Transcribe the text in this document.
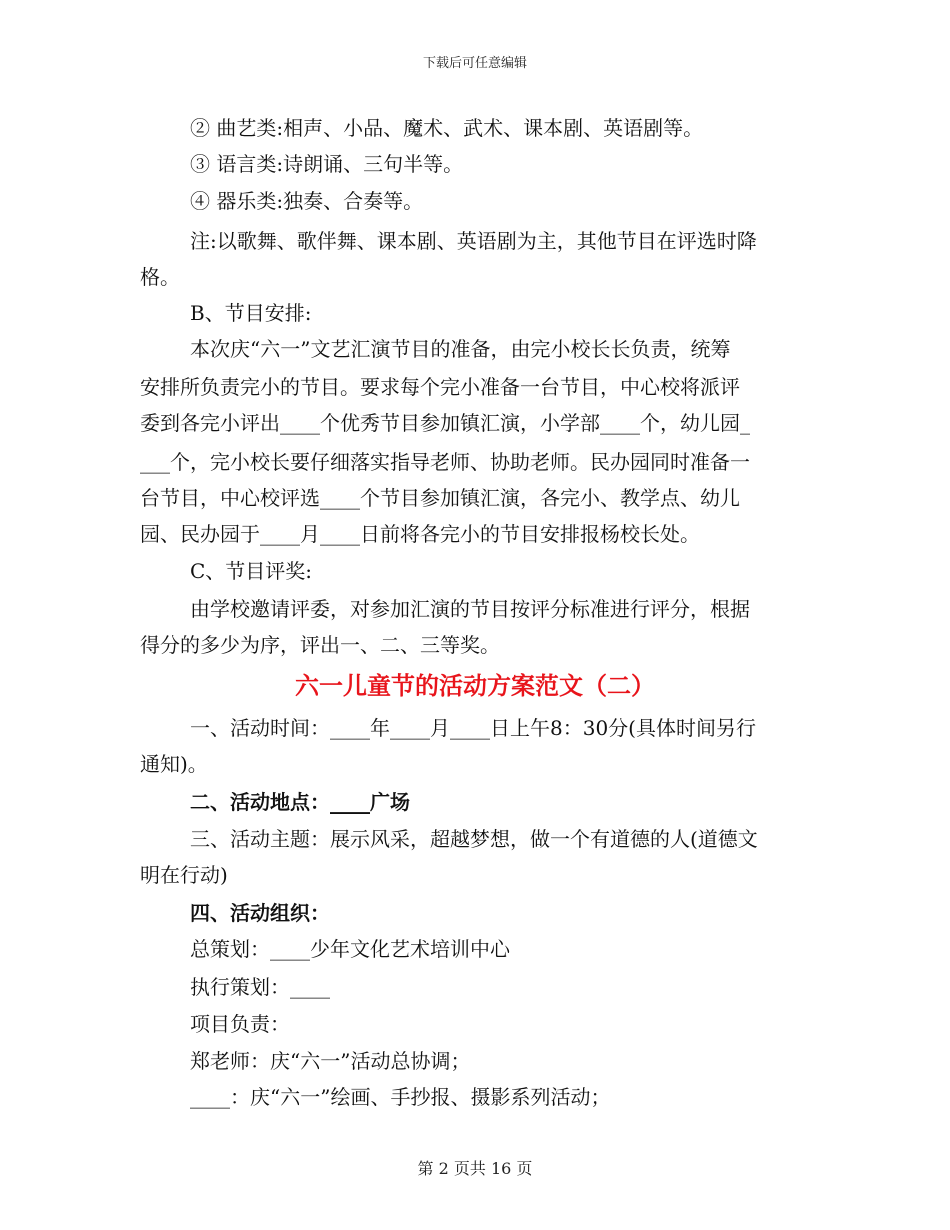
下载后可任意编辑
② 曲艺类:相声、小品、魔术、武术、课本剧、英语剧等。
③ 语言类:诗朗诵、三句半等。
④ 器乐类:独奏、合奏等。
注:以歌舞、歌伴舞、课本剧、英语剧为主，其他节目在评选时降
格。
B、节目安排:
本次庆“六一”文艺汇演节目的准备，由完小校长长负责，统筹
安排所负责完小的节目。要求每个完小准备一台节目，中心校将派评
委到各完小评出____个优秀节目参加镇汇演，小学部____个，幼儿园_
___个，完小校长要仔细落实指导老师、协助老师。民办园同时准备一
台节目，中心校评选____个节目参加镇汇演，各完小、教学点、幼儿
园、民办园于____月____日前将各完小的节目安排报杨校长处。
C、节目评奖:
由学校邀请评委，对参加汇演的节目按评分标准进行评分，根据
得分的多少为序，评出一、二、三等奖。
六一儿童节的活动方案范文（二）
一、活动时间：____年____月____日上午8：30分(具体时间另行
通知)。
二、活动地点：____广场
三、活动主题：展示风采，超越梦想，做一个有道德的人(道德文
明在行动)
四、活动组织：
总策划：____少年文化艺术培训中心
执行策划：____
项目负责：
郑老师：庆“六一”活动总协调；
____：庆“六一”绘画、手抄报、摄影系列活动；
第 2 页共 16 页
